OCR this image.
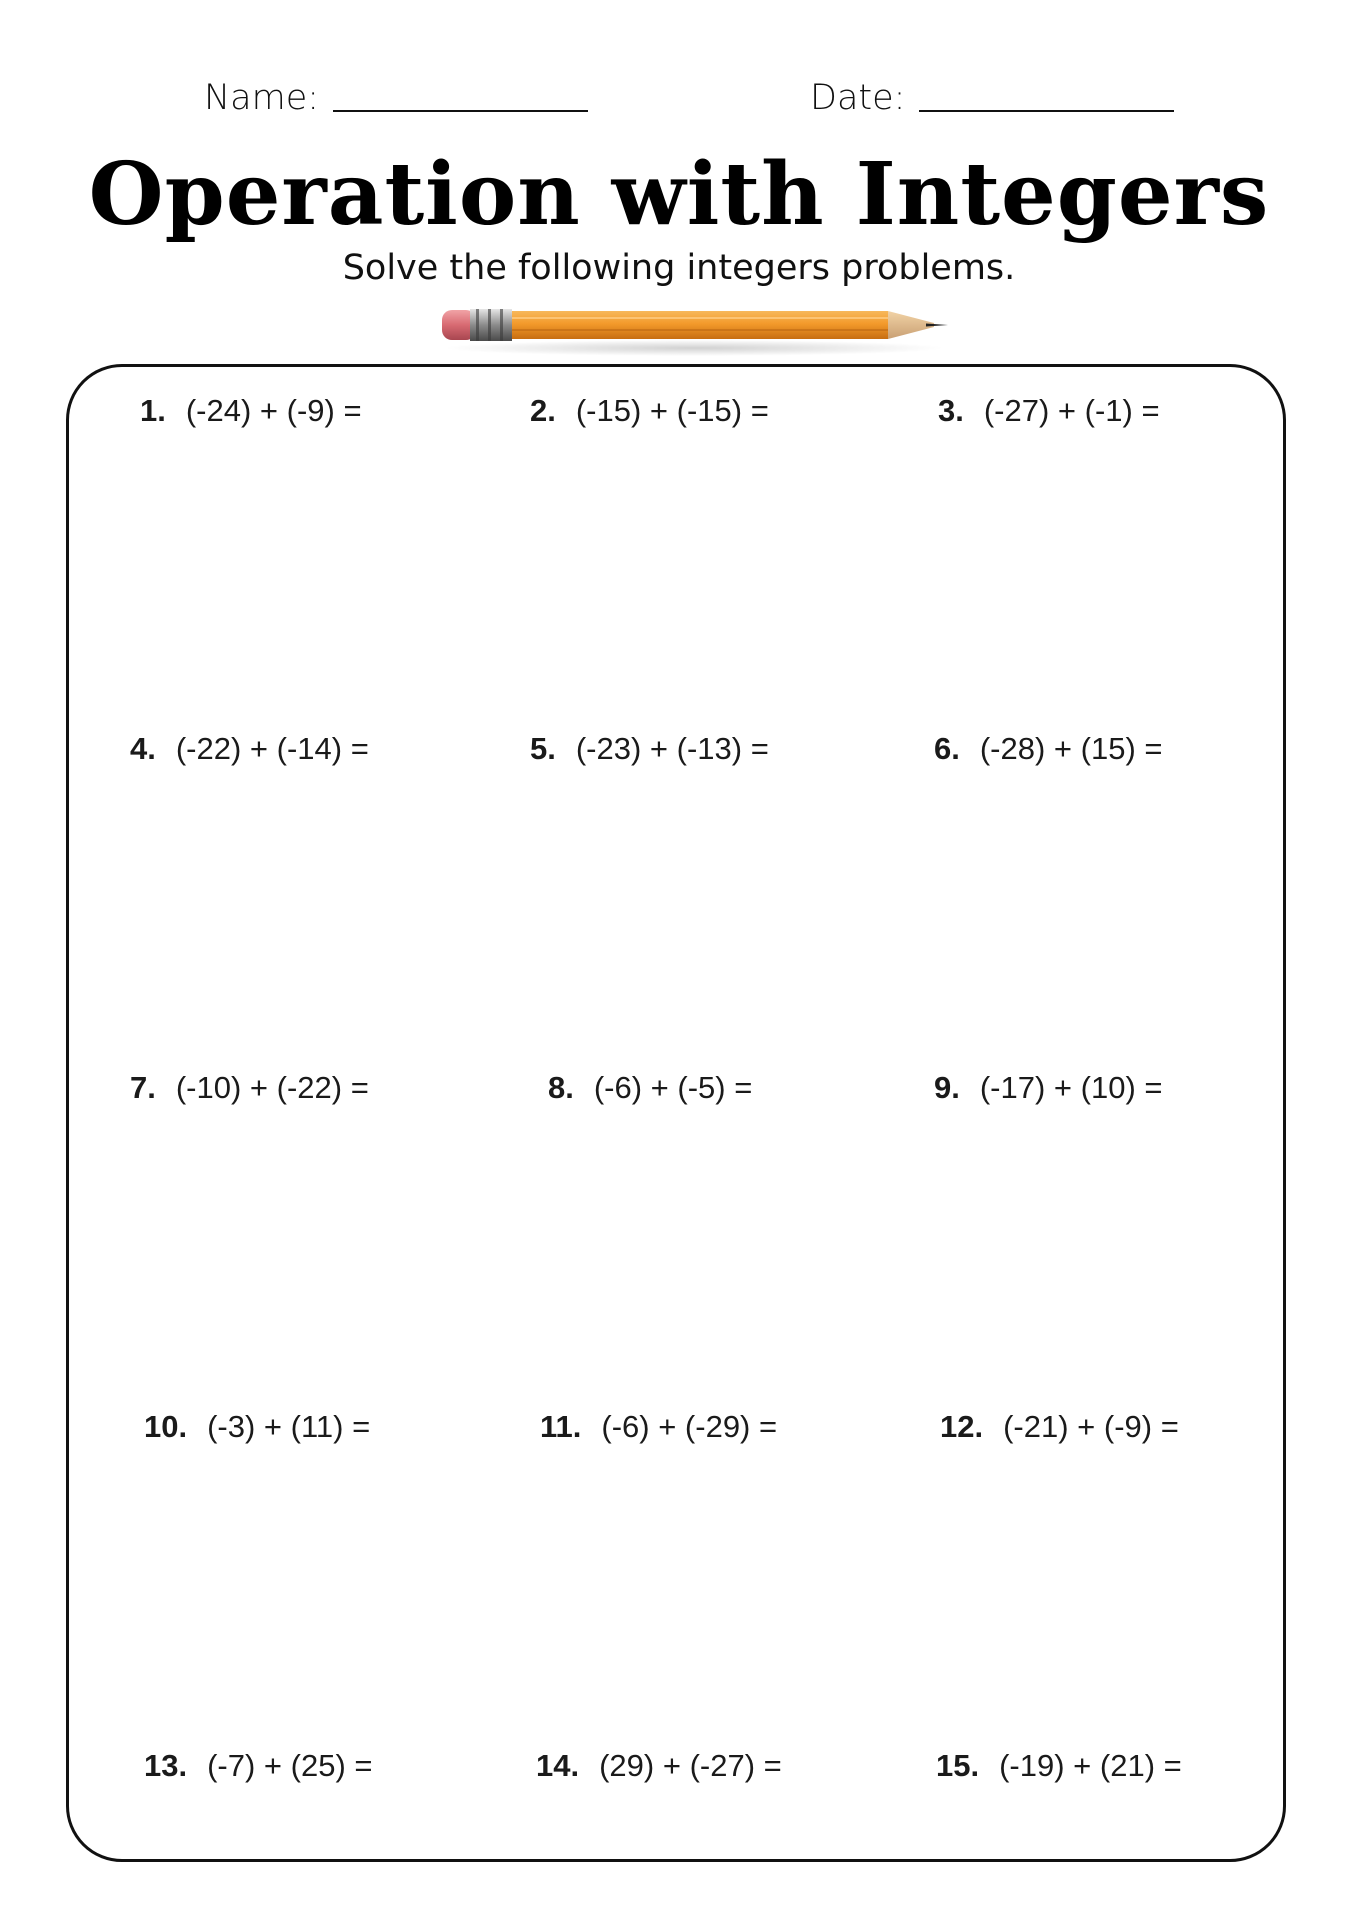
Name:	Date:
Operation with Integers
Solve the following integers problems.
1. (-24) + (-9) =	2. (-15) + (-15) =	3. (-27) + (-1) =
4. (-22) + (-14) =	5. (-23) + (-13) =	6. (-28) + (15) =
7. (-10) + (-22) =	8. (-6) + (-5) =	9. (-17) + (10) =
10. (-3) + (11) =	11. (-6) + (-29) =	12. (-21) + (-9) =
13. (-7) + (25) =	14. (29) + (-27) =	15. (-19) + (21) =
